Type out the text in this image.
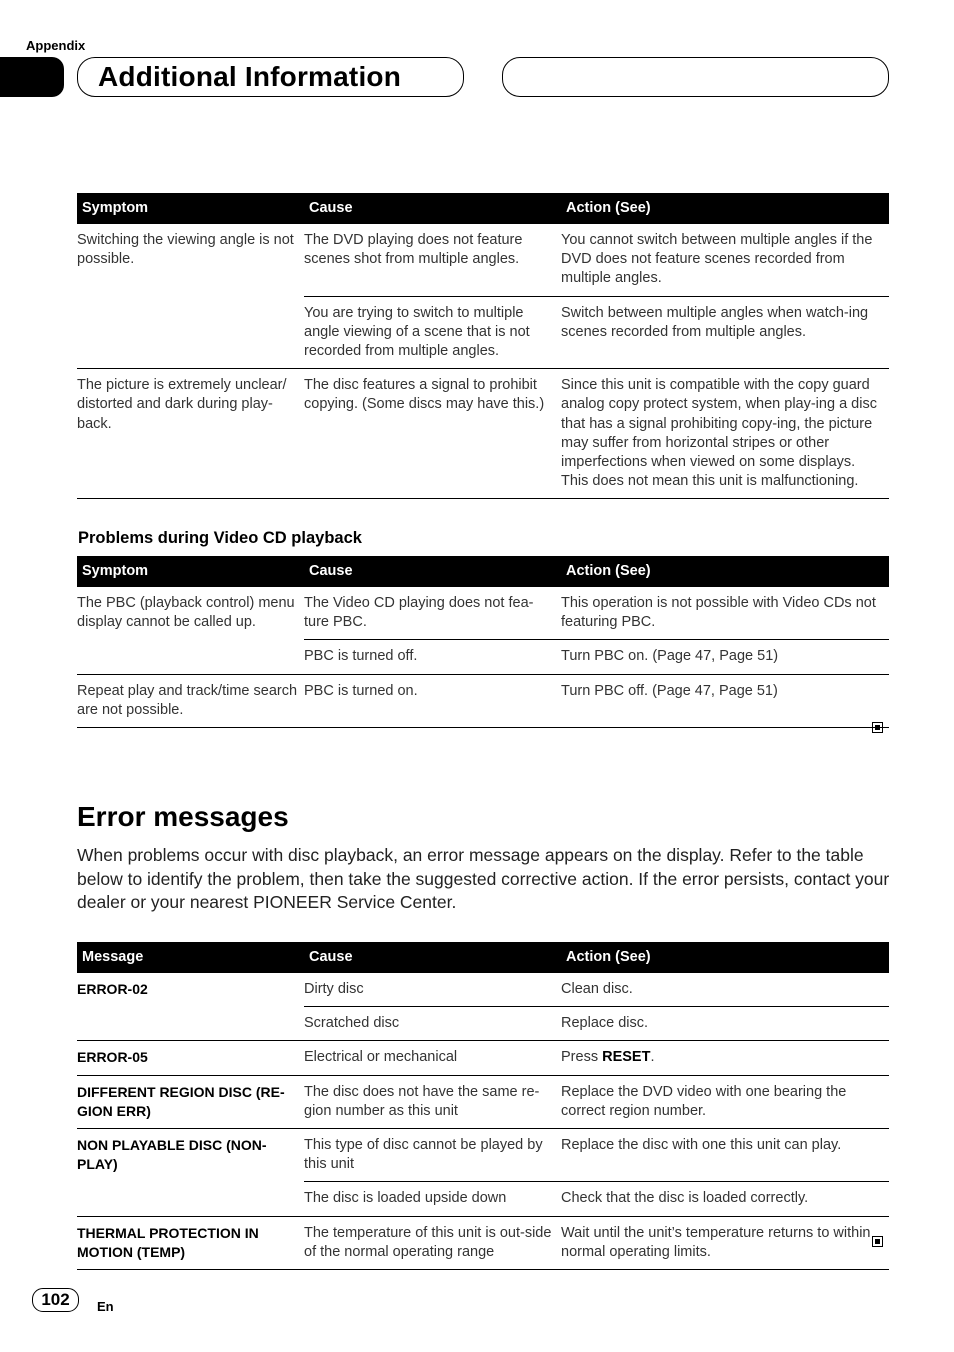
Appendix
Additional Information
Symptom	Cause	Action (See)
Switching the viewing angle is not possible.	The DVD playing does not feature scenes shot from multiple angles.	You cannot switch between multiple angles if the DVD does not feature scenes recorded from multiple angles.
	You are trying to switch to multiple angle viewing of a scene that is not recorded from multiple angles.	Switch between multiple angles when watch-ing scenes recorded from multiple angles.
The picture is extremely unclear/ distorted and dark during play-back.	The disc features a signal to prohibit copying. (Some discs may have this.)	Since this unit is compatible with the copy guard analog copy protect system, when play-ing a disc that has a signal prohibiting copy-ing, the picture may suffer from horizontal stripes or other imperfections when viewed on some displays. This does not mean this unit is malfunctioning.
Problems during Video CD playback
Symptom	Cause	Action (See)
The PBC (playback control) menu display cannot be called up.	The Video CD playing does not fea-ture PBC.	This operation is not possible with Video CDs not featuring PBC.
	PBC is turned off.	Turn PBC on. (Page 47, Page 51)
Repeat play and track/time search are not possible.	PBC is turned on.	Turn PBC off. (Page 47, Page 51)
Error messages
When problems occur with disc playback, an error message appears on the display. Refer to the table below to identify the problem, then take the suggested corrective action. If the error persists, contact your dealer or your nearest PIONEER Service Center.
Message	Cause	Action (See)
ERROR-02	Dirty disc	Clean disc.
	Scratched disc	Replace disc.
ERROR-05	Electrical or mechanical	Press RESET.
DIFFERENT REGION DISC (RE-GION ERR)	The disc does not have the same re-gion number as this unit	Replace the DVD video with one bearing the correct region number.
NON PLAYABLE DISC (NON-PLAY)	This type of disc cannot be played by this unit	Replace the disc with one this unit can play.
	The disc is loaded upside down	Check that the disc is loaded correctly.
THERMAL PROTECTION IN MOTION (TEMP)	The temperature of this unit is out-side of the normal operating range	Wait until the unit’s temperature returns to within normal operating limits.
102	En
